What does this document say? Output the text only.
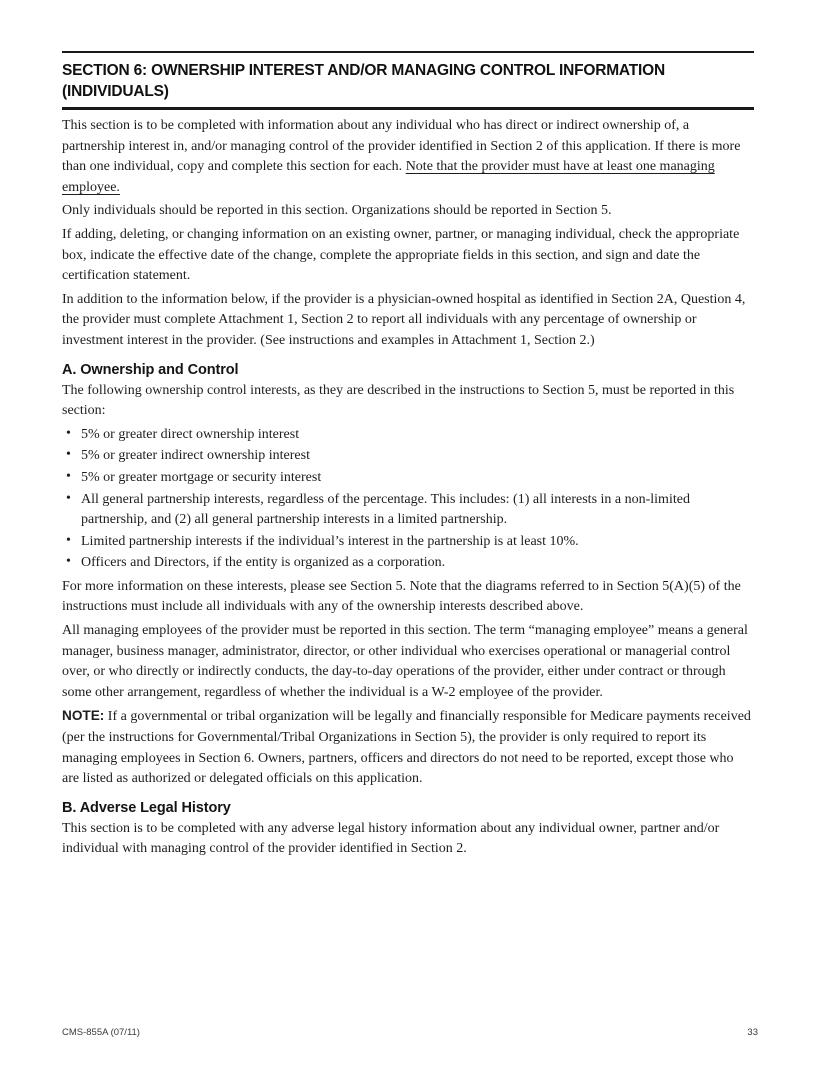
SECTION 6: OWNERSHIP INTEREST AND/OR MANAGING CONTROL INFORMATION (INDIVIDUALS)

This section is to be completed with information about any individual who has direct or indirect ownership of, a partnership interest in, and/or managing control of the provider identified in Section 2 of this application. If there is more than one individual, copy and complete this section for each. Note that the provider must have at least one managing employee.

Only individuals should be reported in this section. Organizations should be reported in Section 5.

If adding, deleting, or changing information on an existing owner, partner, or managing individual, check the appropriate box, indicate the effective date of the change, complete the appropriate fields in this section, and sign and date the certification statement.

In addition to the information below, if the provider is a physician-owned hospital as identified in Section 2A, Question 4, the provider must complete Attachment 1, Section 2 to report all individuals with any percentage of ownership or investment interest in the provider. (See instructions and examples in Attachment 1, Section 2.)

A. Ownership and Control

The following ownership control interests, as they are described in the instructions to Section 5, must be reported in this section:

• 5% or greater direct ownership interest
• 5% or greater indirect ownership interest
• 5% or greater mortgage or security interest
• All general partnership interests, regardless of the percentage. This includes: (1) all interests in a non-limited partnership, and (2) all general partnership interests in a limited partnership.
• Limited partnership interests if the individual’s interest in the partnership is at least 10%.
• Officers and Directors, if the entity is organized as a corporation.

For more information on these interests, please see Section 5. Note that the diagrams referred to in Section 5(A)(5) of the instructions must include all individuals with any of the ownership interests described above.

All managing employees of the provider must be reported in this section. The term “managing employee” means a general manager, business manager, administrator, director, or other individual who exercises operational or managerial control over, or who directly or indirectly conducts, the day-to-day operations of the provider, either under contract or through some other arrangement, regardless of whether the individual is a W-2 employee of the provider.

NOTE: If a governmental or tribal organization will be legally and financially responsible for Medicare payments received (per the instructions for Governmental/Tribal Organizations in Section 5), the provider is only required to report its managing employees in Section 6. Owners, partners, officers and directors do not need to be reported, except those who are listed as authorized or delegated officials on this application.

B. Adverse Legal History

This section is to be completed with any adverse legal history information about any individual owner, partner and/or individual with managing control of the provider identified in Section 2.

CMS-855A (07/11)	33
